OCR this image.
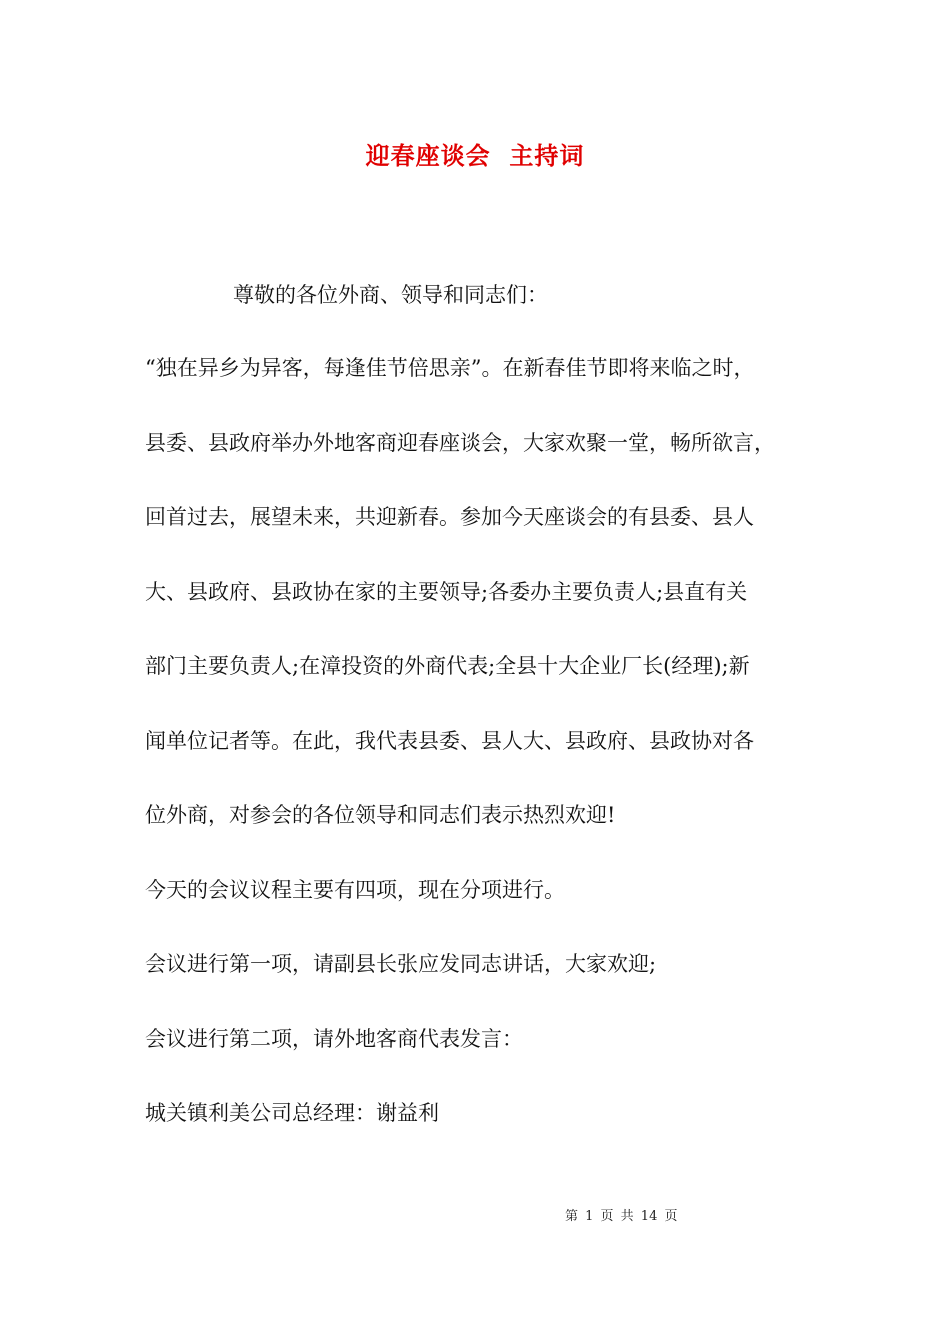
迎春座谈会  主持词
尊敬的各位外商、领导和同志们：
“独在异乡为异客，每逢佳节倍思亲”。在新春佳节即将来临之时，
县委、县政府举办外地客商迎春座谈会，大家欢聚一堂，畅所欲言，
回首过去，展望未来，共迎新春。参加今天座谈会的有县委、县人
大、县政府、县政协在家的主要领导;各委办主要负责人;县直有关
部门主要负责人;在漳投资的外商代表;全县十大企业厂长(经理);新
闻单位记者等。在此，我代表县委、县人大、县政府、县政协对各
位外商，对参会的各位领导和同志们表示热烈欢迎!
今天的会议议程主要有四项，现在分项进行。
会议进行第一项，请副县长张应发同志讲话，大家欢迎;
会议进行第二项，请外地客商代表发言：
城关镇利美公司总经理：谢益利
第 1 页 共 14 页
